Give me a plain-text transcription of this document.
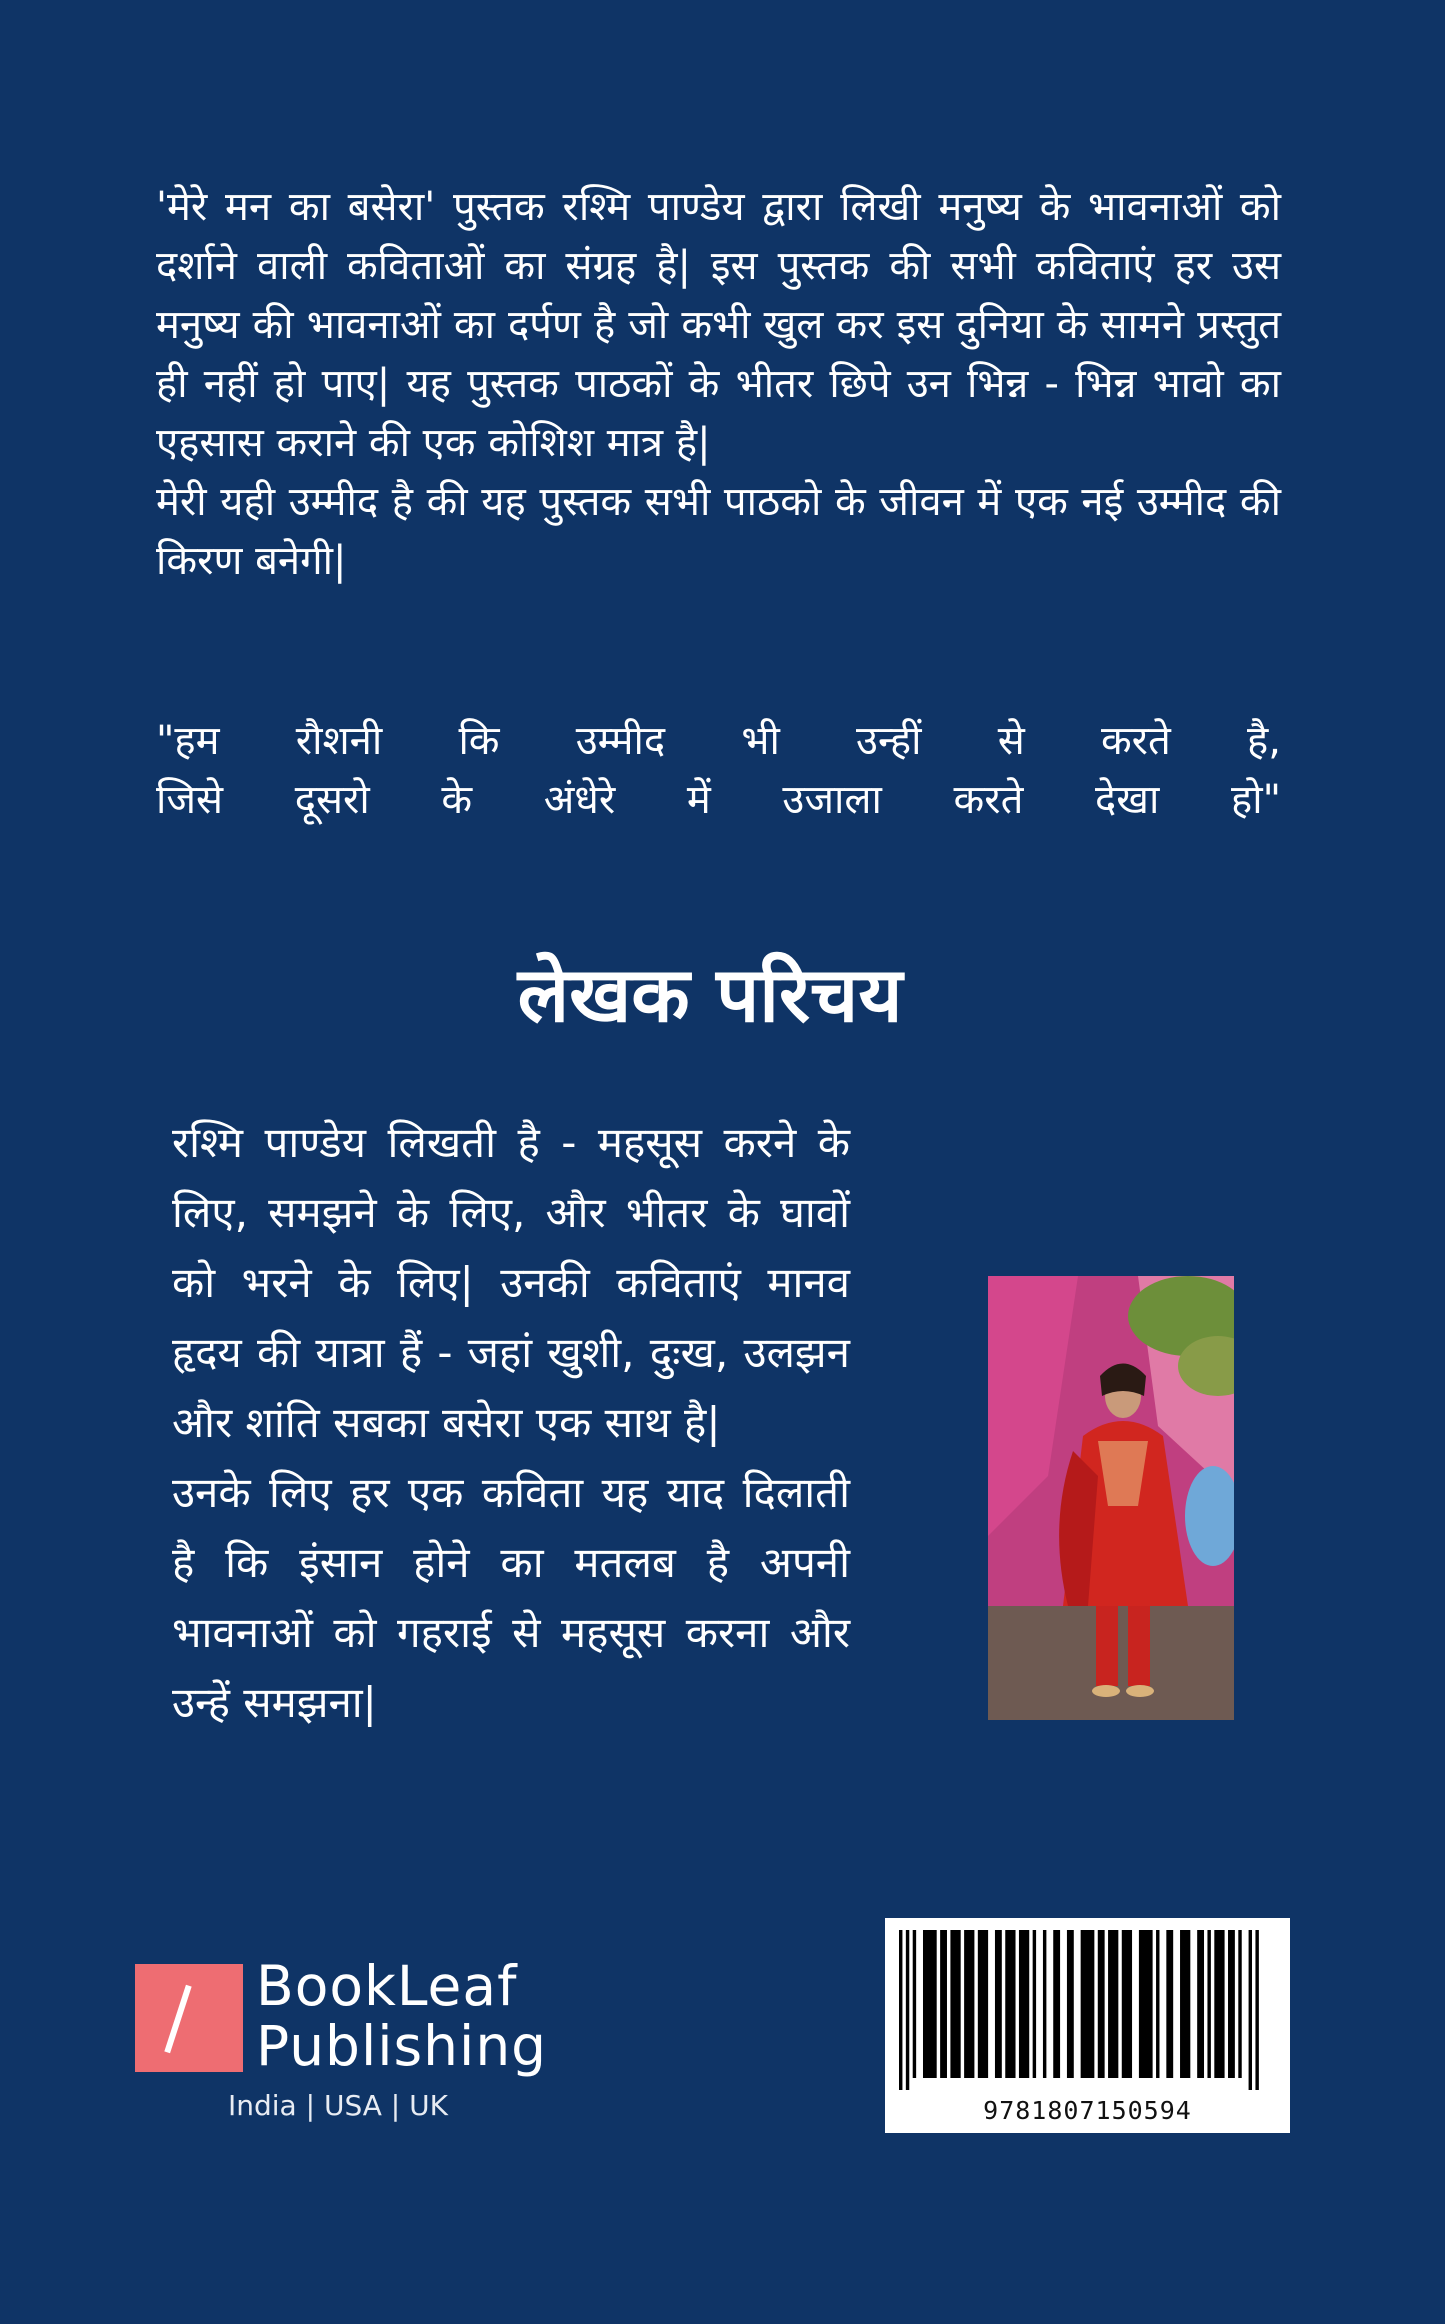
'मेरे मन का बसेरा' पुस्तक रश्मि पाण्डेय द्वारा लिखी मनुष्य के भावनाओं को दर्शाने वाली कविताओं का संग्रह है| इस पुस्तक की सभी कविताएं हर उस मनुष्य की भावनाओं का दर्पण है जो कभी खुल कर इस दुनिया के सामने प्रस्तुत ही नहीं हो पाए| यह पुस्तक पाठकों के भीतर छिपे उन भिन्न - भिन्न भावो का एहसास कराने की एक कोशिश मात्र है|

मेरी यही उम्मीद है की यह पुस्तक सभी पाठको के जीवन में एक नई उम्मीद की किरण बनेगी|

"हम रौशनी कि उम्मीद भी उन्हीं से करते है,
जिसे दूसरो के अंधेरे में उजाला करते देखा हो"
लेखक परिचय

रश्मि पाण्डेय लिखती है - महसूस करने के लिए, समझने के लिए, और भीतर के घावों को भरने के लिए| उनकी कविताएं मानव हृदय की यात्रा हैं - जहां खुशी, दुःख, उलझन और शांति सबका बसेरा एक साथ है|

उनके लिए हर एक कविता यह याद दिलाती है कि इंसान होने का मतलब है अपनी भावनाओं को गहराई से महसूस करना और उन्हें समझना|

BookLeaf
Publishing
India | USA | UK	9781807150594
